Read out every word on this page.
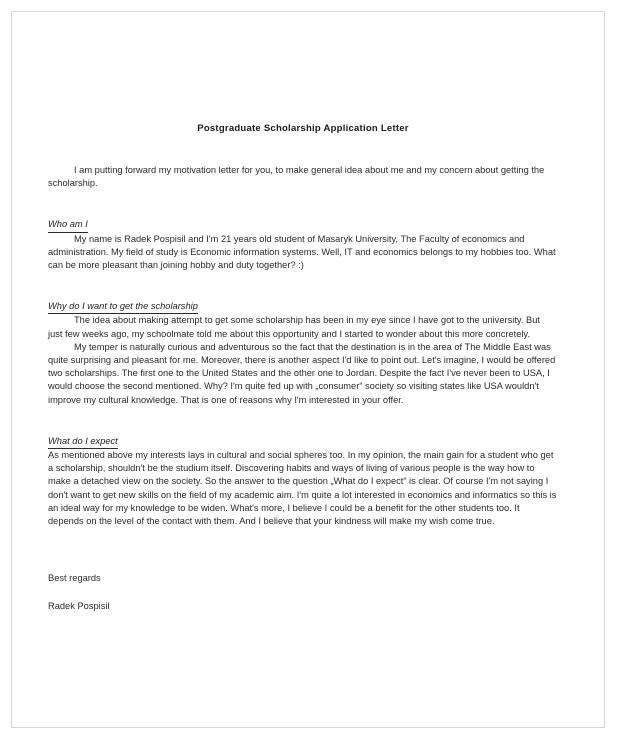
Postgraduate Scholarship Application Letter

I am putting forward my motivation letter for you, to make general idea about me and my concern about getting the scholarship.

Who am I

My name is Radek Pospisil and I'm 21 years old student of Masaryk University, The Faculty of economics and administration. My field of study is Economic information systems. Well, IT and economics belongs to my hobbies too. What can be more pleasant than joining hobby and duty together? :)

Why do I want to get the scholarship

The idea about making attempt to get some scholarship has been in my eye since I have got to the university. But just few weeks ago, my schoolmate told me about this opportunity and I started to wonder about this more concretely.

My temper is naturally curious and adventurous so the fact that the destination is in the area of The Middle East was quite surprising and pleasant for me. Moreover, there is another aspect I'd like to point out. Let's imagine, I would be offered two scholarships. The first one to the United States and the other one to Jordan. Despite the fact I've never been to USA, I would choose the second mentioned. Why? I'm quite fed up with „consumer“ society so visiting states like USA wouldn't improve my cultural knowledge. That is one of reasons why I'm interested in your offer.

What do I expect

As mentioned above my interests lays in cultural and social spheres too. In my opinion, the main gain for a student who get a scholarship, shouldn't be the studium itself. Discovering habits and ways of living of various people is the way how to make a detached view on the society. So the answer to the question „What do I expect“ is clear. Of course I'm not saying I don't want to get new skills on the field of my academic aim. I'm quite a lot interested in economics and informatics so this is an ideal way for my knowledge to be widen. What's more, I believe I could be a benefit for the other students too. It depends on the level of the contact with them. And I believe that your kindness will make my wish come true.

Best regards

Radek Pospisil
